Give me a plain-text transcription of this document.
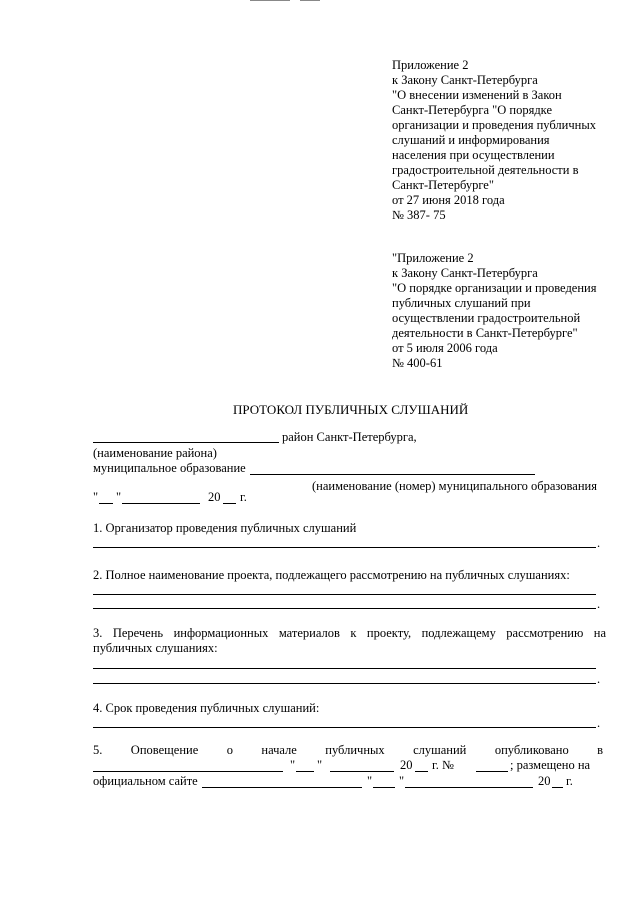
Приложение 2
к Закону Санкт-Петербурга
"О внесении изменений в Закон
Санкт-Петербурга "О порядке
организации и проведения публичных
слушаний и информирования
населения при осуществлении
градостроительной деятельности в
Санкт-Петербурге"
от 27 июня 2018 года
№ 387- 75
"Приложение 2
к Закону Санкт-Петербурга
"О порядке организации и проведения
публичных слушаний при
осуществлении градостроительной
деятельности в Санкт-Петербурге"
от 5 июля 2006 года
№ 400-61
ПРОТОКОЛ ПУБЛИЧНЫХ СЛУШАНИЙ
район Санкт-Петербурга,
(наименование района)
муниципальное образование
(наименование (номер) муниципального образования
" "	20 г.
1. Организатор проведения публичных слушаний
.
2. Полное наименование проекта, подлежащего рассмотрению на публичных слушаниях:
.
3. Перечень информационных материалов к проекту, подлежащему рассмотрению на
публичных слушаниях:
.
4. Срок проведения публичных слушаний:
.
5. Оповещение о начале публичных слушаний опубликовано в
" "	20 г. №	; размещено на
официальном сайте	" "	20 г.
